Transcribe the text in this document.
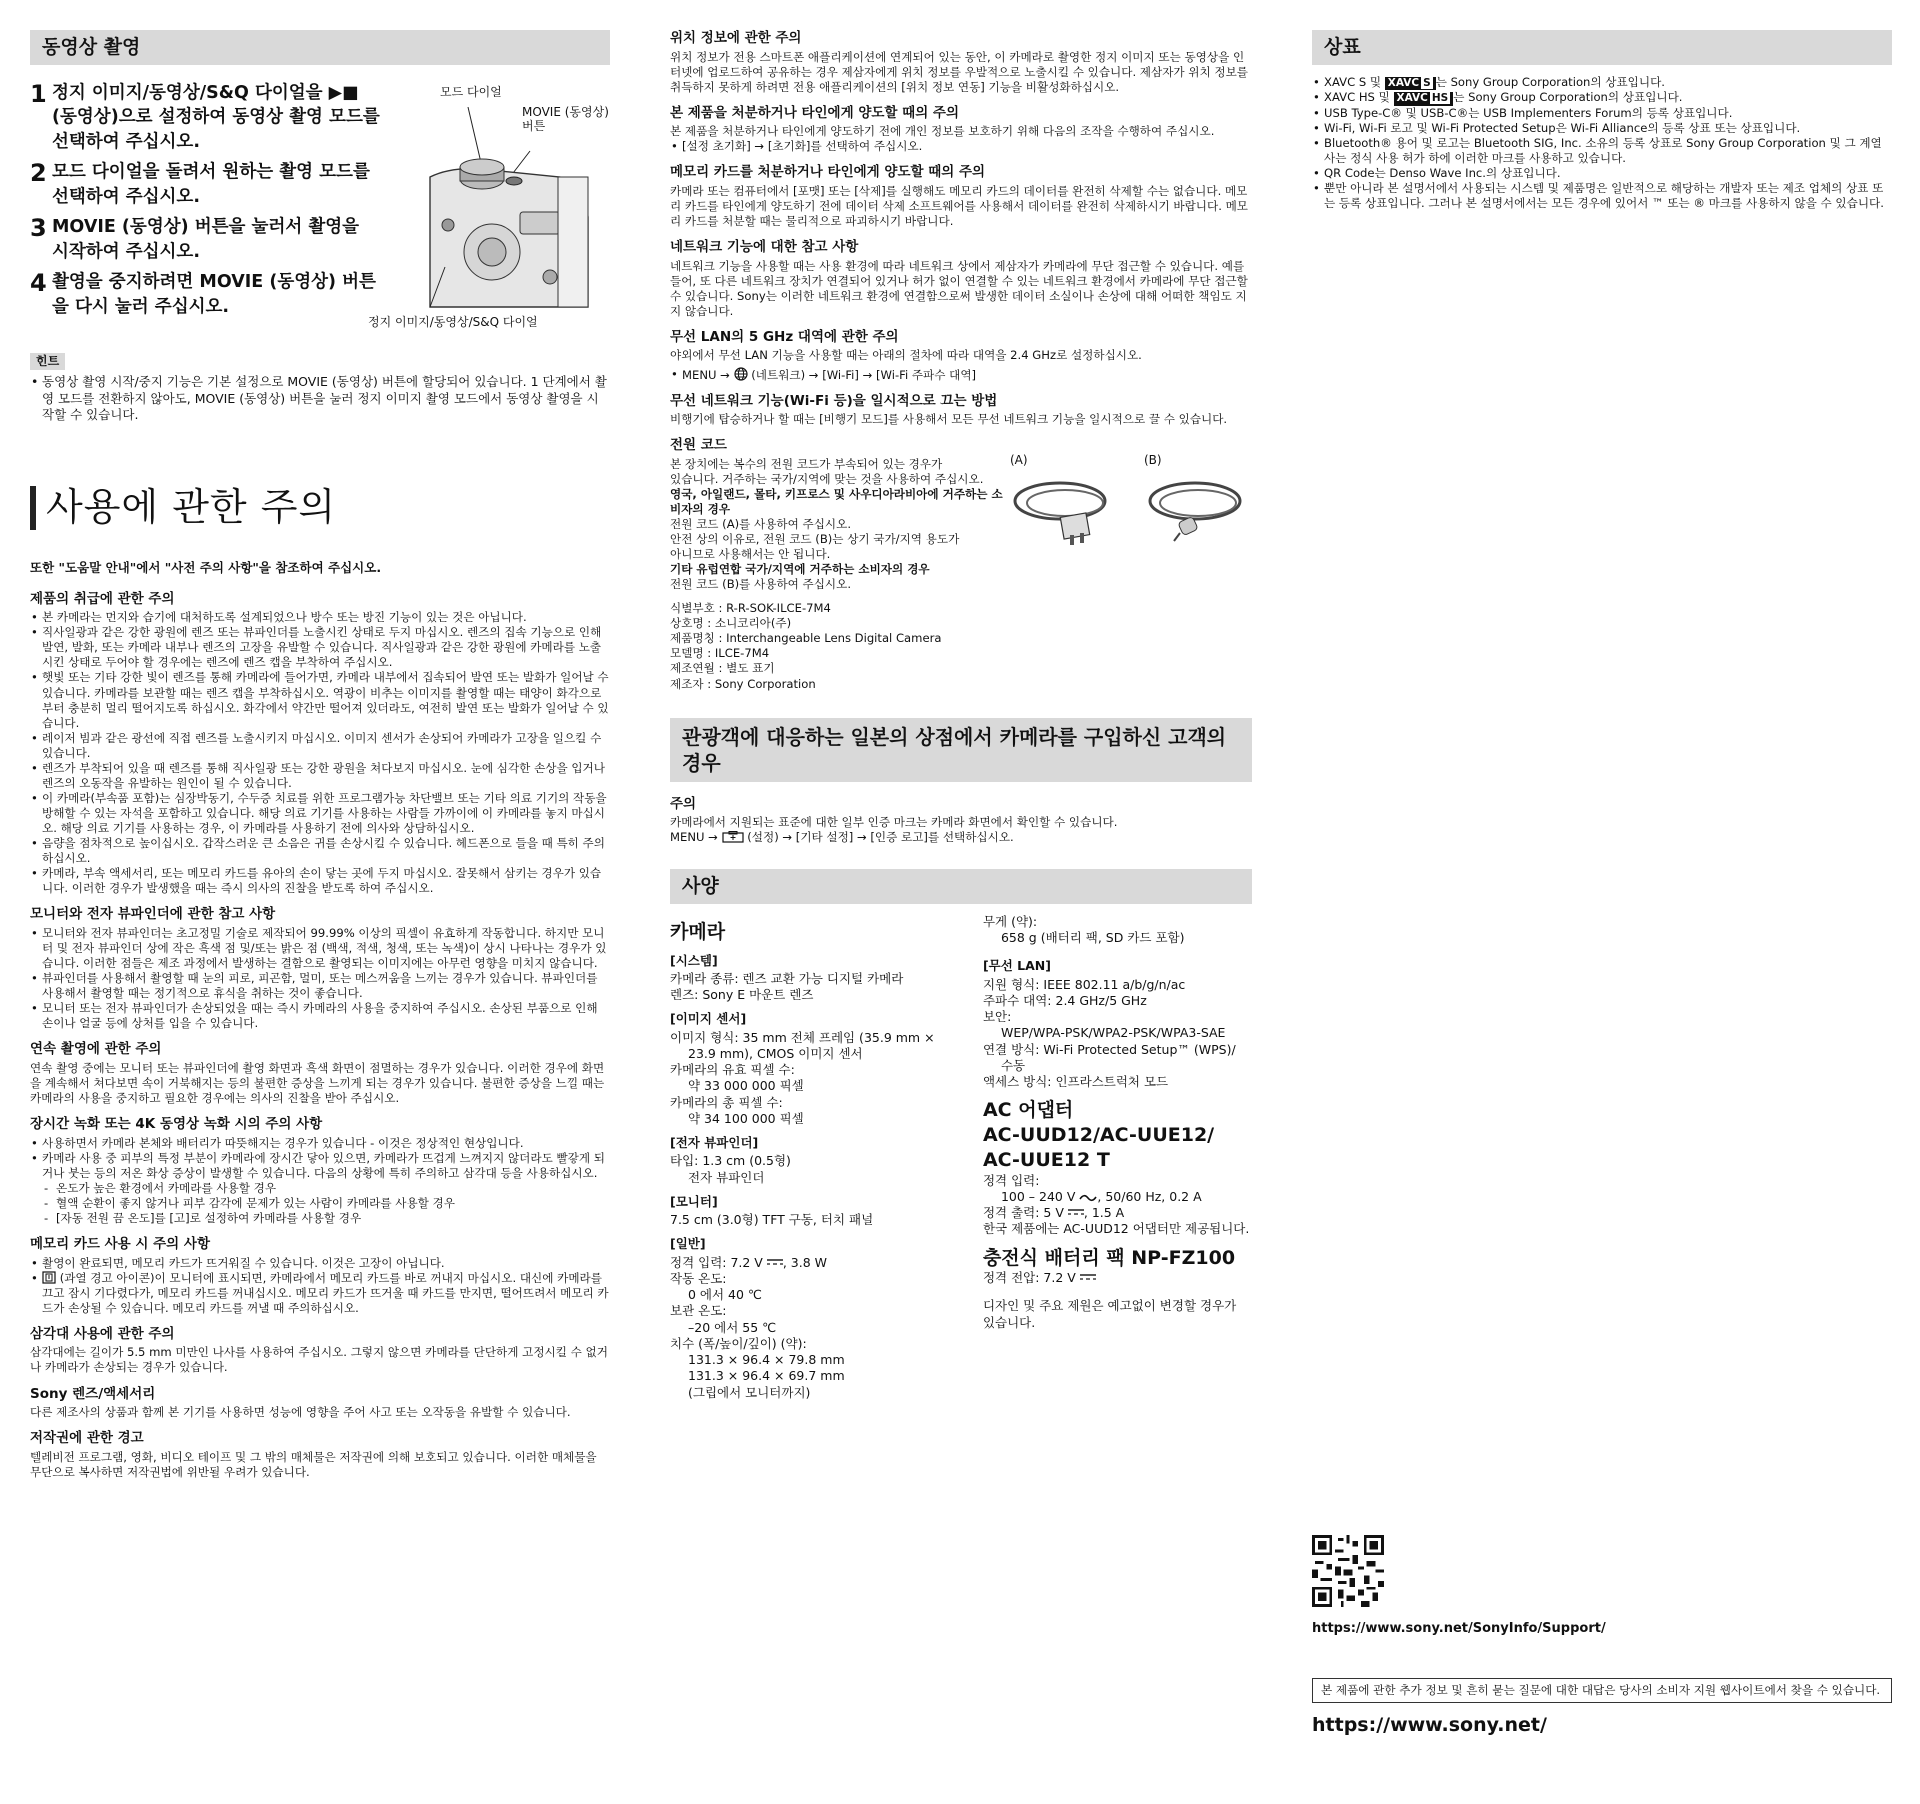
동영상 촬영
1 정지 이미지/동영상/S&Q 다이얼을 ▶■ (동영상)으로 설정하여 동영상 촬영 모드를 선택하여 주십시오.
2 모드 다이얼을 돌려서 원하는 촬영 모드를 선택하여 주십시오.
3 MOVIE (동영상) 버튼을 눌러서 촬영을 시작하여 주십시오.
4 촬영을 중지하려면 MOVIE (동영상) 버튼을 다시 눌러 주십시오.
모드 다이얼
MOVIE (동영상)
버튼
정지 이미지/동영상/S&Q 다이얼
힌트
• 동영상 촬영 시작/중지 기능은 기본 설정으로 MOVIE (동영상) 버튼에 할당되어 있습니다. 1 단계에서 촬영 모드를 전환하지 않아도, MOVIE (동영상) 버튼을 눌러 정지 이미지 촬영 모드에서 동영상 촬영을 시작할 수 있습니다.
사용에 관한 주의
또한 "도움말 안내"에서 "사전 주의 사항"을 참조하여 주십시오.
제품의 취급에 관한 주의
• 본 카메라는 먼지와 습기에 대처하도록 설계되었으나 방수 또는 방진 기능이 있는 것은 아닙니다.
• 직사일광과 같은 강한 광원에 렌즈 또는 뷰파인더를 노출시킨 상태로 두지 마십시오. 렌즈의 집속 기능으로 인해 발연, 발화, 또는 카메라 내부나 렌즈의 고장을 유발할 수 있습니다. 직사일광과 같은 강한 광원에 카메라를 노출시킨 상태로 두어야 할 경우에는 렌즈에 렌즈 캡을 부착하여 주십시오.
• 햇빛 또는 기타 강한 빛이 렌즈를 통해 카메라에 들어가면, 카메라 내부에서 집속되어 발연 또는 발화가 일어날 수 있습니다. 카메라를 보관할 때는 렌즈 캡을 부착하십시오. 역광이 비추는 이미지를 촬영할 때는 태양이 화각으로부터 충분히 멀리 떨어지도록 하십시오. 화각에서 약간만 떨어져 있더라도, 여전히 발연 또는 발화가 일어날 수 있습니다.
• 레이저 빔과 같은 광선에 직접 렌즈를 노출시키지 마십시오. 이미지 센서가 손상되어 카메라가 고장을 일으킬 수 있습니다.
• 렌즈가 부착되어 있을 때 렌즈를 통해 직사일광 또는 강한 광원을 쳐다보지 마십시오. 눈에 심각한 손상을 입거나 렌즈의 오동작을 유발하는 원인이 될 수 있습니다.
• 이 카메라(부속품 포함)는 심장박동기, 수두증 치료를 위한 프로그램가능 차단밸브 또는 기타 의료 기기의 작동을 방해할 수 있는 자석을 포함하고 있습니다. 해당 의료 기기를 사용하는 사람들 가까이에 이 카메라를 놓지 마십시오. 해당 의료 기기를 사용하는 경우, 이 카메라를 사용하기 전에 의사와 상담하십시오.
• 음량을 점차적으로 높이십시오. 갑작스러운 큰 소음은 귀를 손상시킬 수 있습니다. 헤드폰으로 들을 때 특히 주의하십시오.
• 카메라, 부속 액세서리, 또는 메모리 카드를 유아의 손이 닿는 곳에 두지 마십시오. 잘못해서 삼키는 경우가 있습니다. 이러한 경우가 발생했을 때는 즉시 의사의 진찰을 받도록 하여 주십시오.
모니터와 전자 뷰파인더에 관한 참고 사항
• 모니터와 전자 뷰파인더는 초고정밀 기술로 제작되어 99.99% 이상의 픽셀이 유효하게 작동합니다. 하지만 모니터 및 전자 뷰파인더 상에 작은 흑색 점 및/또는 밝은 점 (백색, 적색, 청색, 또는 녹색)이 상시 나타나는 경우가 있습니다. 이러한 점들은 제조 과정에서 발생하는 결함으로 촬영되는 이미지에는 아무런 영향을 미치지 않습니다.
• 뷰파인더를 사용해서 촬영할 때 눈의 피로, 피곤함, 멀미, 또는 메스꺼움을 느끼는 경우가 있습니다. 뷰파인더를 사용해서 촬영할 때는 정기적으로 휴식을 취하는 것이 좋습니다.
• 모니터 또는 전자 뷰파인더가 손상되었을 때는 즉시 카메라의 사용을 중지하여 주십시오. 손상된 부품으로 인해 손이나 얼굴 등에 상처를 입을 수 있습니다.
연속 촬영에 관한 주의

연속 촬영 중에는 모니터 또는 뷰파인더에 촬영 화면과 흑색 화면이 점멸하는 경우가 있습니다. 이러한 경우에 화면을 계속해서 쳐다보면 속이 거북해지는 등의 불편한 증상을 느끼게 되는 경우가 있습니다. 불편한 증상을 느낄 때는 카메라의 사용을 중지하고 필요한 경우에는 의사의 진찰을 받아 주십시오.

장시간 녹화 또는 4K 동영상 녹화 시의 주의 사항
• 사용하면서 카메라 본체와 배터리가 따뜻해지는 경우가 있습니다 - 이것은 정상적인 현상입니다.
• 카메라 사용 중 피부의 특정 부분이 카메라에 장시간 닿아 있으면, 카메라가 뜨겁게 느껴지지 않더라도 빨갛게 되거나 붓는 등의 저온 화상 증상이 발생할 수 있습니다. 다음의 상황에 특히 주의하고 삼각대 등을 사용하십시오.
- 온도가 높은 환경에서 카메라를 사용할 경우
- 혈액 순환이 좋지 않거나 피부 감각에 문제가 있는 사람이 카메라를 사용할 경우
- [자동 전원 끔 온도]를 [고]로 설정하여 카메라를 사용할 경우
메모리 카드 사용 시 주의 사항
• 촬영이 완료되면, 메모리 카드가 뜨거워질 수 있습니다. 이것은 고장이 아닙니다.
• (과열 경고 아이콘)이 모니터에 표시되면, 카메라에서 메모리 카드를 바로 꺼내지 마십시오. 대신에 카메라를 끄고 잠시 기다렸다가, 메모리 카드를 꺼내십시오. 메모리 카드가 뜨거울 때 카드를 만지면, 떨어뜨려서 메모리 카드가 손상될 수 있습니다. 메모리 카드를 꺼낼 때 주의하십시오.
삼각대 사용에 관한 주의

삼각대에는 길이가 5.5 mm 미만인 나사를 사용하여 주십시오. 그렇지 않으면 카메라를 단단하게 고정시킬 수 없거나 카메라가 손상되는 경우가 있습니다.

Sony 렌즈/액세서리

다른 제조사의 상품과 함께 본 기기를 사용하면 성능에 영향을 주어 사고 또는 오작동을 유발할 수 있습니다.

저작권에 관한 경고

텔레비전 프로그램, 영화, 비디오 테이프 및 그 밖의 매체물은 저작권에 의해 보호되고 있습니다. 이러한 매체물을 무단으로 복사하면 저작권법에 위반될 우려가 있습니다.

위치 정보에 관한 주의

위치 정보가 전용 스마트폰 애플리케이션에 연계되어 있는 동안, 이 카메라로 촬영한 정지 이미지 또는 동영상을 인터넷에 업로드하여 공유하는 경우 제삼자에게 위치 정보를 우발적으로 노출시킬 수 있습니다. 제삼자가 위치 정보를 취득하지 못하게 하려면 전용 애플리케이션의 [위치 정보 연동] 기능을 비활성화하십시오.

본 제품을 처분하거나 타인에게 양도할 때의 주의

본 제품을 처분하거나 타인에게 양도하기 전에 개인 정보를 보호하기 위해 다음의 조작을 수행하여 주십시오.

• [설정 초기화] → [초기화]를 선택하여 주십시오.
메모리 카드를 처분하거나 타인에게 양도할 때의 주의

카메라 또는 컴퓨터에서 [포맷] 또는 [삭제]를 실행해도 메모리 카드의 데이터를 완전히 삭제할 수는 없습니다. 메모리 카드를 타인에게 양도하기 전에 데이터 삭제 소프트웨어를 사용해서 데이터를 완전히 삭제하시기 바랍니다. 메모리 카드를 처분할 때는 물리적으로 파괴하시기 바랍니다.

네트워크 기능에 대한 참고 사항

네트워크 기능을 사용할 때는 사용 환경에 따라 네트워크 상에서 제삼자가 카메라에 무단 접근할 수 있습니다. 예를 들어, 또 다른 네트워크 장치가 연결되어 있거나 허가 없이 연결할 수 있는 네트워크 환경에서 카메라에 무단 접근할 수 있습니다. Sony는 이러한 네트워크 환경에 연결함으로써 발생한 데이터 소실이나 손상에 대해 어떠한 책임도 지지 않습니다.

무선 LAN의 5 GHz 대역에 관한 주의

야외에서 무선 LAN 기능을 사용할 때는 아래의 절차에 따라 대역을 2.4 GHz로 설정하십시오.

• MENU → (네트워크) → [Wi-Fi] → [Wi-Fi 주파수 대역]
무선 네트워크 기능(Wi-Fi 등)을 일시적으로 끄는 방법

비행기에 탑승하거나 할 때는 [비행기 모드]를 사용해서 모든 무선 네트워크 기능을 일시적으로 끌 수 있습니다.

전원 코드

본 장치에는 복수의 전원 코드가 부속되어 있는 경우가

있습니다. 거주하는 국가/지역에 맞는 것을 사용하여 주십시오.

영국, 아일랜드, 몰타, 키프로스 및 사우디아라비아에 거주하는 소비자의 경우

전원 코드 (A)를 사용하여 주십시오.

안전 상의 이유로, 전원 코드 (B)는 상기 국가/지역 용도가

아니므로 사용해서는 안 됩니다.

기타 유럽연합 국가/지역에 거주하는 소비자의 경우

전원 코드 (B)를 사용하여 주십시오.

(A)	(B)

식별부호 : R-R-SOK-ILCE-7M4

상호명 : 소니코리아(주)

제품명칭 : Interchangeable Lens Digital Camera

모델명 : ILCE-7M4

제조연월 : 별도 표기

제조자 : Sony Corporation

관광객에 대응하는 일본의 상점에서 카메라를 구입하신 고객의 경우
주의

카메라에서 지원되는 표준에 대한 일부 인증 마크는 카메라 화면에서 확인할 수 있습니다.

MENU →	(설정) → [기타 설정] → [인증 로고]를 선택하십시오.

사양
카메라
[시스템]
카메라 종류: 렌즈 교환 가능 디지털 카메라
렌즈: Sony E 마운트 렌즈
[이미지 센서]
이미지 형식: 35 mm 전체 프레임 (35.9 mm ×
23.9 mm), CMOS 이미지 센서
카메라의 유효 픽셀 수:
약 33 000 000 픽셀
카메라의 총 픽셀 수:
약 34 100 000 픽셀
[전자 뷰파인더]
타입: 1.3 cm (0.5형)
전자 뷰파인더
[모니터]
7.5 cm (3.0형) TFT 구동, 터치 패널
[일반]
정격 입력: 7.2 V , 3.8 W
작동 온도:
0 에서 40 ℃
보관 온도:
–20 에서 55 ℃
치수 (폭/높이/깊이) (약):
131.3 × 96.4 × 79.8 mm
131.3 × 96.4 × 69.7 mm
(그립에서 모니터까지)
무게 (약):
658 g (배터리 팩, SD 카드 포함)
[무선 LAN]
지원 형식: IEEE 802.11 a/b/g/n/ac
주파수 대역: 2.4 GHz/5 GHz
보안:
WEP/WPA-PSK/WPA2-PSK/WPA3-SAE
연결 방식: Wi-Fi Protected Setup™ (WPS)/
수동
액세스 방식: 인프라스트럭처 모드
AC 어댑터
AC-UUD12/AC-UUE12/
AC-UUE12 T
정격 입력:
100 – 240 V , 50/60 Hz, 0.2 A
정격 출력: 5 V , 1.5 A
한국 제품에는 AC-UUD12 어댑터만 제공됩니다.
충전식 배터리 팩 NP-FZ100
정격 전압: 7.2 V
디자인 및 주요 제원은 예고없이 변경할 경우가 있습니다.
상표
• XAVC S 및 XAVC S 는 Sony Group Corporation의 상표입니다.
• XAVC HS 및 XAVC HS 는 Sony Group Corporation의 상표입니다.
• USB Type-C® 및 USB-C®는 USB Implementers Forum의 등록 상표입니다.
• Wi-Fi, Wi-Fi 로고 및 Wi-Fi Protected Setup은 Wi-Fi Alliance의 등록 상표 또는 상표입니다.
• Bluetooth® 용어 및 로고는 Bluetooth SIG, Inc. 소유의 등록 상표로 Sony Group Corporation 및 그 계열사는 정식 사용 허가 하에 이러한 마크를 사용하고 있습니다.
• QR Code는 Denso Wave Inc.의 상표입니다.
• 뿐만 아니라 본 설명서에서 사용되는 시스템 및 제품명은 일반적으로 해당하는 개발자 또는 제조 업체의 상표 또는 등록 상표입니다. 그러나 본 설명서에서는 모든 경우에 있어서 ™ 또는 ® 마크를 사용하지 않을 수 있습니다.
https://www.sony.net/SonyInfo/Support/
본 제품에 관한 추가 정보 및 흔히 묻는 질문에 대한 대답은 당사의 소비자 지원 웹사이트에서 찾을 수 있습니다.
https://www.sony.net/
